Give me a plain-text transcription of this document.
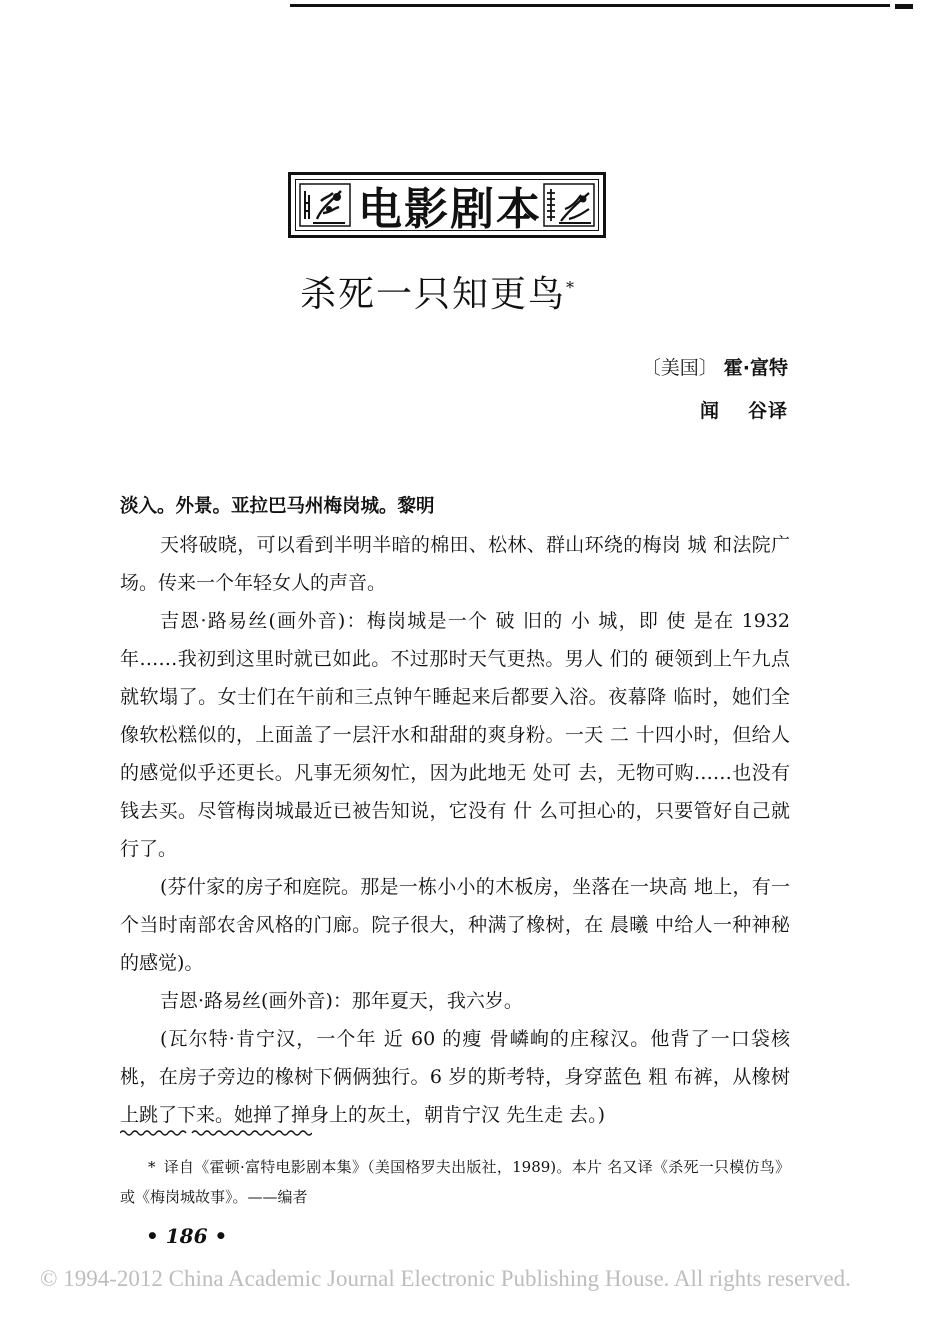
电影剧本
杀死一只知更鸟*
〔美国〕 霍·富特
闻 谷译

淡入。外景。亚拉巴马州梅岗城。黎明

天将破晓，可以看到半明半暗的棉田、松林、群山环绕的梅岗 城 和法院广场。传来一个年轻女人的声音。

吉恩·路易丝(画外音)：梅岗城是一个 破 旧的 小 城，即 使 是在 1932 年……我初到这里时就已如此。不过那时天气更热。男人 们的 硬领到上午九点就软塌了。女士们在午前和三点钟午睡起来后都要入浴。夜幕降 临时，她们全像软松糕似的，上面盖了一层汗水和甜甜的爽身粉。一天 二 十四小时，但给人的感觉似乎还更长。凡事无须匆忙，因为此地无 处可 去，无物可购……也没有钱去买。尽管梅岗城最近已被告知说，它没有 什 么可担心的，只要管好自己就行了。

(芬什家的房子和庭院。那是一栋小小的木板房，坐落在一块高 地上，有一个当时南部农舍风格的门廊。院子很大，种满了橡树，在 晨曦 中给人一种神秘的感觉)。

吉恩·路易丝(画外音)：那年夏天，我六岁。

(瓦尔特·肯宁汉，一个年 近 60 的瘦 骨嶙峋的庄稼汉。他背了一口袋核桃，在房子旁边的橡树下俩俩独行。6 岁的斯考特，身穿蓝色 粗 布裤，从橡树上跳了下来。她掸了掸身上的灰土，朝肯宁汉 先生走 去。)

* 译自《霍顿·富特电影剧本集》（美国格罗夫出版社，1989)。本片 名又译《杀死一只模仿鸟》或《梅岗城故事》。——编者
• 186 •
© 1994-2012 China Academic Journal Electronic Publishing House. All rights reserved.
